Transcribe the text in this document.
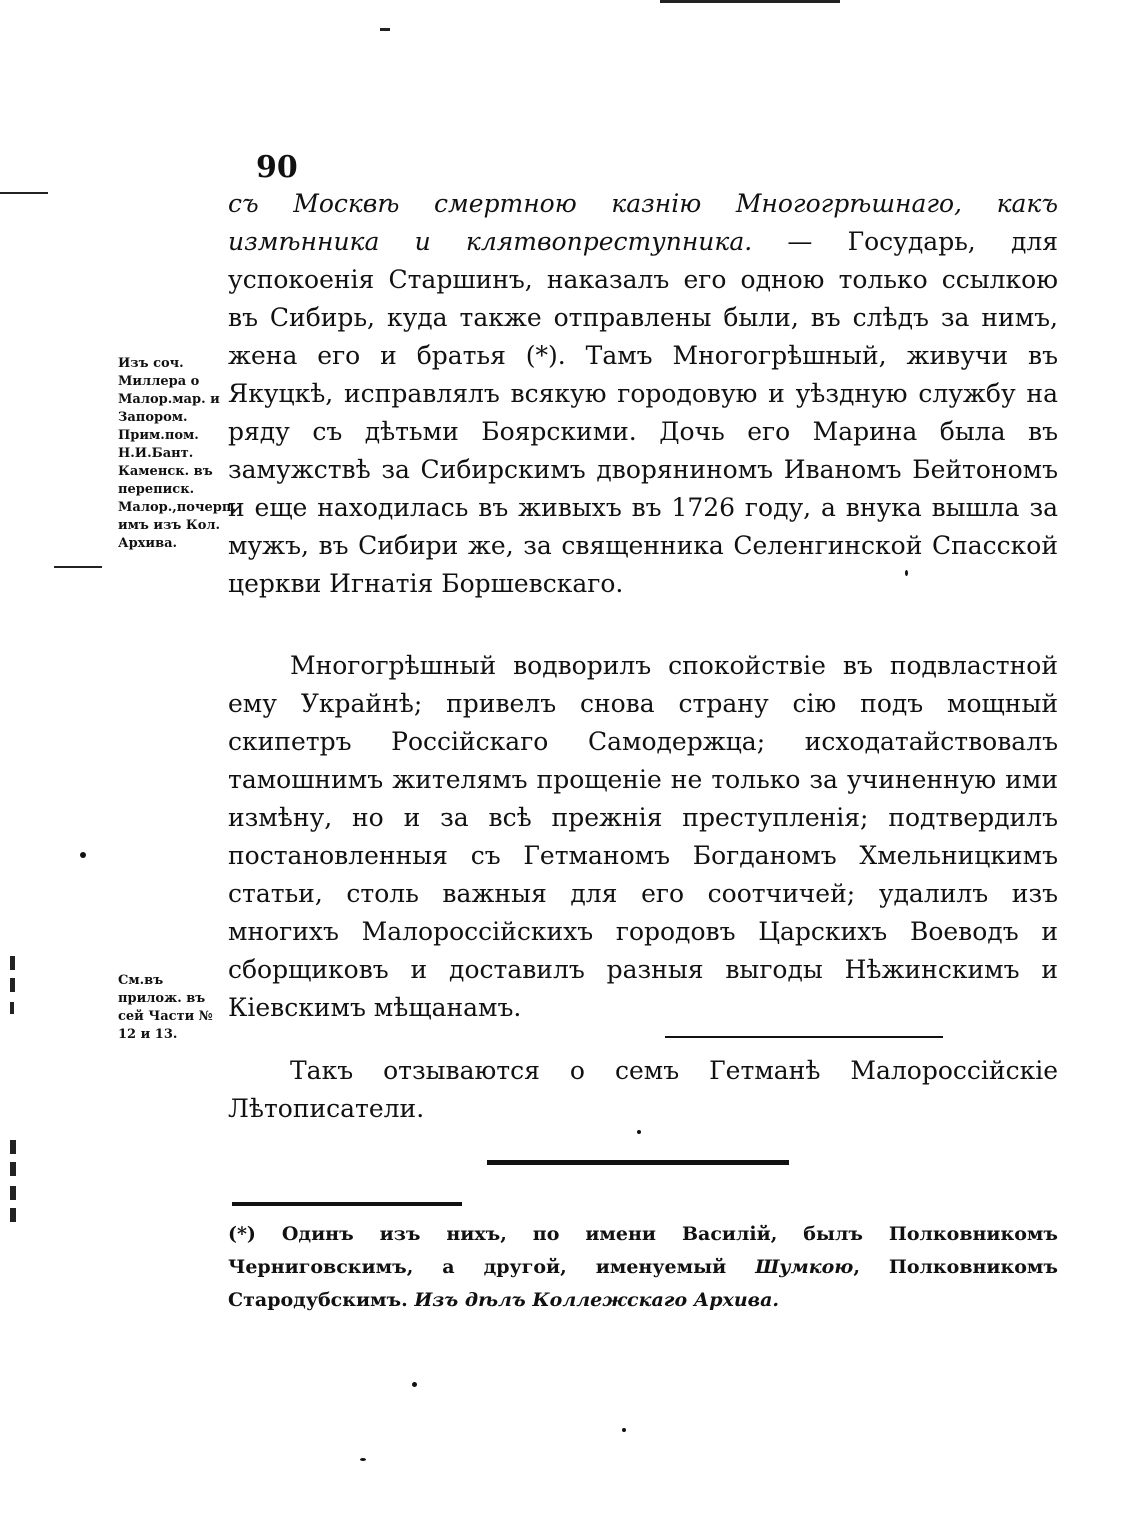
90

Изъ соч. Миллера о Малор.мар. и Запором. Прим.пом. Н.И.Бант. Каменск. въ переписк. Малор.,почерп. имъ изъ Кол. Архива.

См.въ прилож. въ сей Части № 12 и 13.

съ Москвѣ смертною казнію Многогрѣшнаго, какъ измѣнника и клятвопреступника. — Государь, для успокоенія Старшинъ, наказалъ его одною только ссылкою въ Сибирь, куда также отправлены были, въ слѣдъ за нимъ, жена его и братья (*). Тамъ Многогрѣшный, живучи въ Якуцкѣ, исправлялъ всякую городовую и уѣздную службу на ряду съ дѣтьми Боярскими. Дочь его Марина была въ замужствѣ за Сибирскимъ дворяниномъ Иваномъ Бейтономъ и еще находилась въ живыхъ въ 1726 году, а внука вышла за мужъ, въ Сибири же, за священника Селенгинской Спасской церкви Игнатія Боршевскаго.

Многогрѣшный водворилъ спокойствіе въ подвластной ему Украйнѣ; привелъ снова страну сію подъ мощный скипетръ Россійскаго Самодержца; исходатайствовалъ тамошнимъ жителямъ прощеніе не только за учиненную ими измѣну, но и за всѣ прежнія преступленія; подтвердилъ постановленныя съ Гетманомъ Богданомъ Хмельницкимъ статьи, столь важныя для его соотчичей; удалилъ изъ многихъ Малороссійскихъ городовъ Царскихъ Воеводъ и сборщиковъ и доставилъ разныя выгоды Нѣжинскимъ и Кіевскимъ мѣщанамъ.

Такъ отзываются о семъ Гетманѣ Малороссійскіе Лѣтописатели.

(*) Одинъ изъ нихъ, по имени Василій, былъ Полковникомъ Черниговскимъ, а другой, именуемый Шумкою, Полковникомъ Стародубскимъ. Изъ дѣлъ Коллежскаго Архива.
